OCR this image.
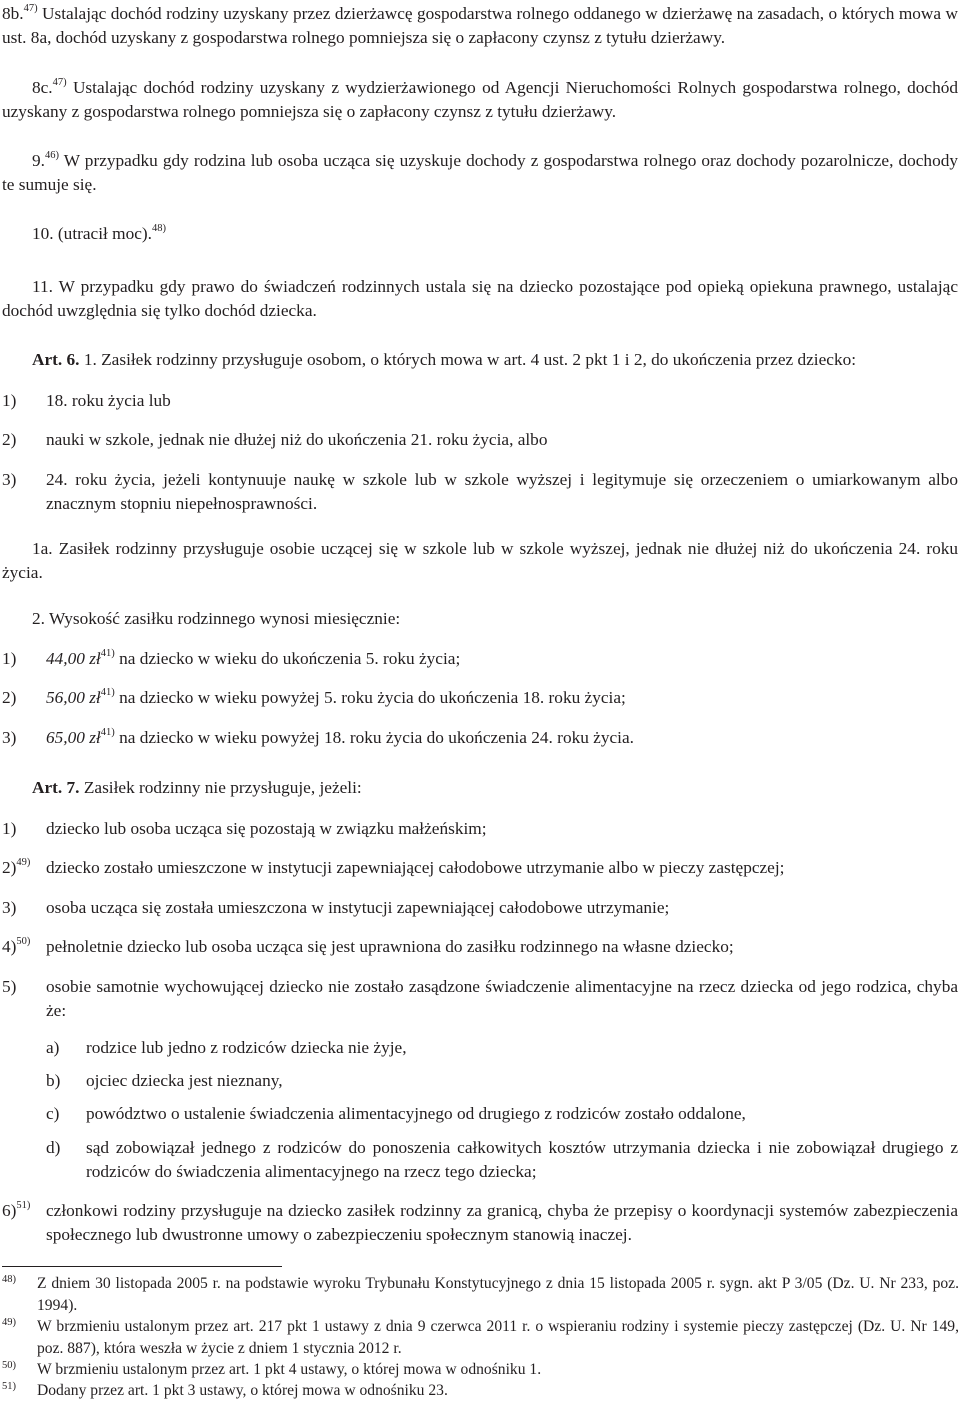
8b.$^{47)}$ Ustalając dochód rodziny uzyskany przez dzierżawcę gospodarstwa rolnego oddanego w dzierżawę na zasadach, o których mowa w ust. 8a, dochód uzyskany z gospodarstwa rolnego pomniejsza się o zapłacony czynsz z tytułu dzierżawy.
8c.$^{47)}$ Ustalając dochód rodziny uzyskany z wydzierżawionego od Agencji Nieruchomości Rolnych gospodarstwa rolnego, dochód uzyskany z gospodarstwa rolnego pomniejsza się o zapłacony czynsz z tytułu dzierżawy.
9.$^{46)}$ W przypadku gdy rodzina lub osoba ucząca się uzyskuje dochody z gospodarstwa rolnego oraz dochody pozarolnicze, dochody te sumuje się.
10. (utracił moc).$^{48)}$
11. W przypadku gdy prawo do świadczeń rodzinnych ustala się na dziecko pozostające pod opieką opiekuna prawnego, ustalając dochód uwzględnia się tylko dochód dziecka.
Art. 6. 1. Zasiłek rodzinny przysługuje osobom, o których mowa w art. 4 ust. 2 pkt 1 i 2, do ukończenia przez dziecko:
1) 18. roku życia lub
2) nauki w szkole, jednak nie dłużej niż do ukończenia 21. roku życia, albo
3) 24. roku życia, jeżeli kontynuuje naukę w szkole lub w szkole wyższej i legitymuje się orzeczeniem o umiarkowanym albo znacznym stopniu niepełnosprawności.
1a. Zasiłek rodzinny przysługuje osobie uczącej się w szkole lub w szkole wyższej, jednak nie dłużej niż do ukończenia 24. roku życia.
2. Wysokość zasiłku rodzinnego wynosi miesięcznie:
1) 44,00 $zł^{41)}$ na dziecko w wieku do ukończenia 5. roku życia;
2) 56,00 $zł^{41)}$ na dziecko w wieku powyżej 5. roku życia do ukończenia 18. roku życia;
3) 65,00 $zł^{41)}$ na dziecko w wieku powyżej 18. roku życia do ukończenia 24. roku życia.
Art. 7. Zasiłek rodzinny nie przysługuje, jeżeli:
1) dziecko lub osoba ucząca się pozostają w związku małżeńskim;
2)$^{49)}$ dziecko zostało umieszczone w instytucji zapewniającej całodobowe utrzymanie albo w pieczy zastępczej;
3) osoba ucząca się została umieszczona w instytucji zapewniającej całodobowe utrzymanie;
4)$^{50)}$ pełnoletnie dziecko lub osoba ucząca się jest uprawniona do zasiłku rodzinnego na własne dziecko;
5) osobie samotnie wychowującej dziecko nie zostało zasądzone świadczenie alimentacyjne na rzecz dziecka od jego rodzica, chyba że:
a) rodzice lub jedno z rodziców dziecka nie żyje,
b) ojciec dziecka jest nieznany,
c) powództwo o ustalenie świadczenia alimentacyjnego od drugiego z rodziców zostało oddalone,
d) sąd zobowiązał jednego z rodziców do ponoszenia całkowitych kosztów utrzymania dziecka i nie zobowiązał drugiego z rodziców do świadczenia alimentacyjnego na rzecz tego dziecka;
6)$^{51)}$ członkowi rodziny przysługuje na dziecko zasiłek rodzinny za granicą, chyba że przepisy o koordynacji systemów zabezpieczenia społecznego lub dwustronne umowy o zabezpieczeniu społecznym stanowią inaczej.
48) Z dniem 30 listopada 2005 r. na podstawie wyroku Trybunału Konstytucyjnego z dnia 15 listopada 2005 r. sygn. akt P 3/05 (Dz. U. Nr 233, poz. 1994).
49) W brzmieniu ustalonym przez art. 217 pkt 1 ustawy z dnia 9 czerwca 2011 r. o wspieraniu rodziny i systemie pieczy zastępczej (Dz. U. Nr 149, poz. 887), która weszła w życie z dniem 1 stycznia 2012 r.
50) W brzmieniu ustalonym przez art. 1 pkt 4 ustawy, o której mowa w odnośniku 1.
51) Dodany przez art. 1 pkt 3 ustawy, o której mowa w odnośniku 23.
